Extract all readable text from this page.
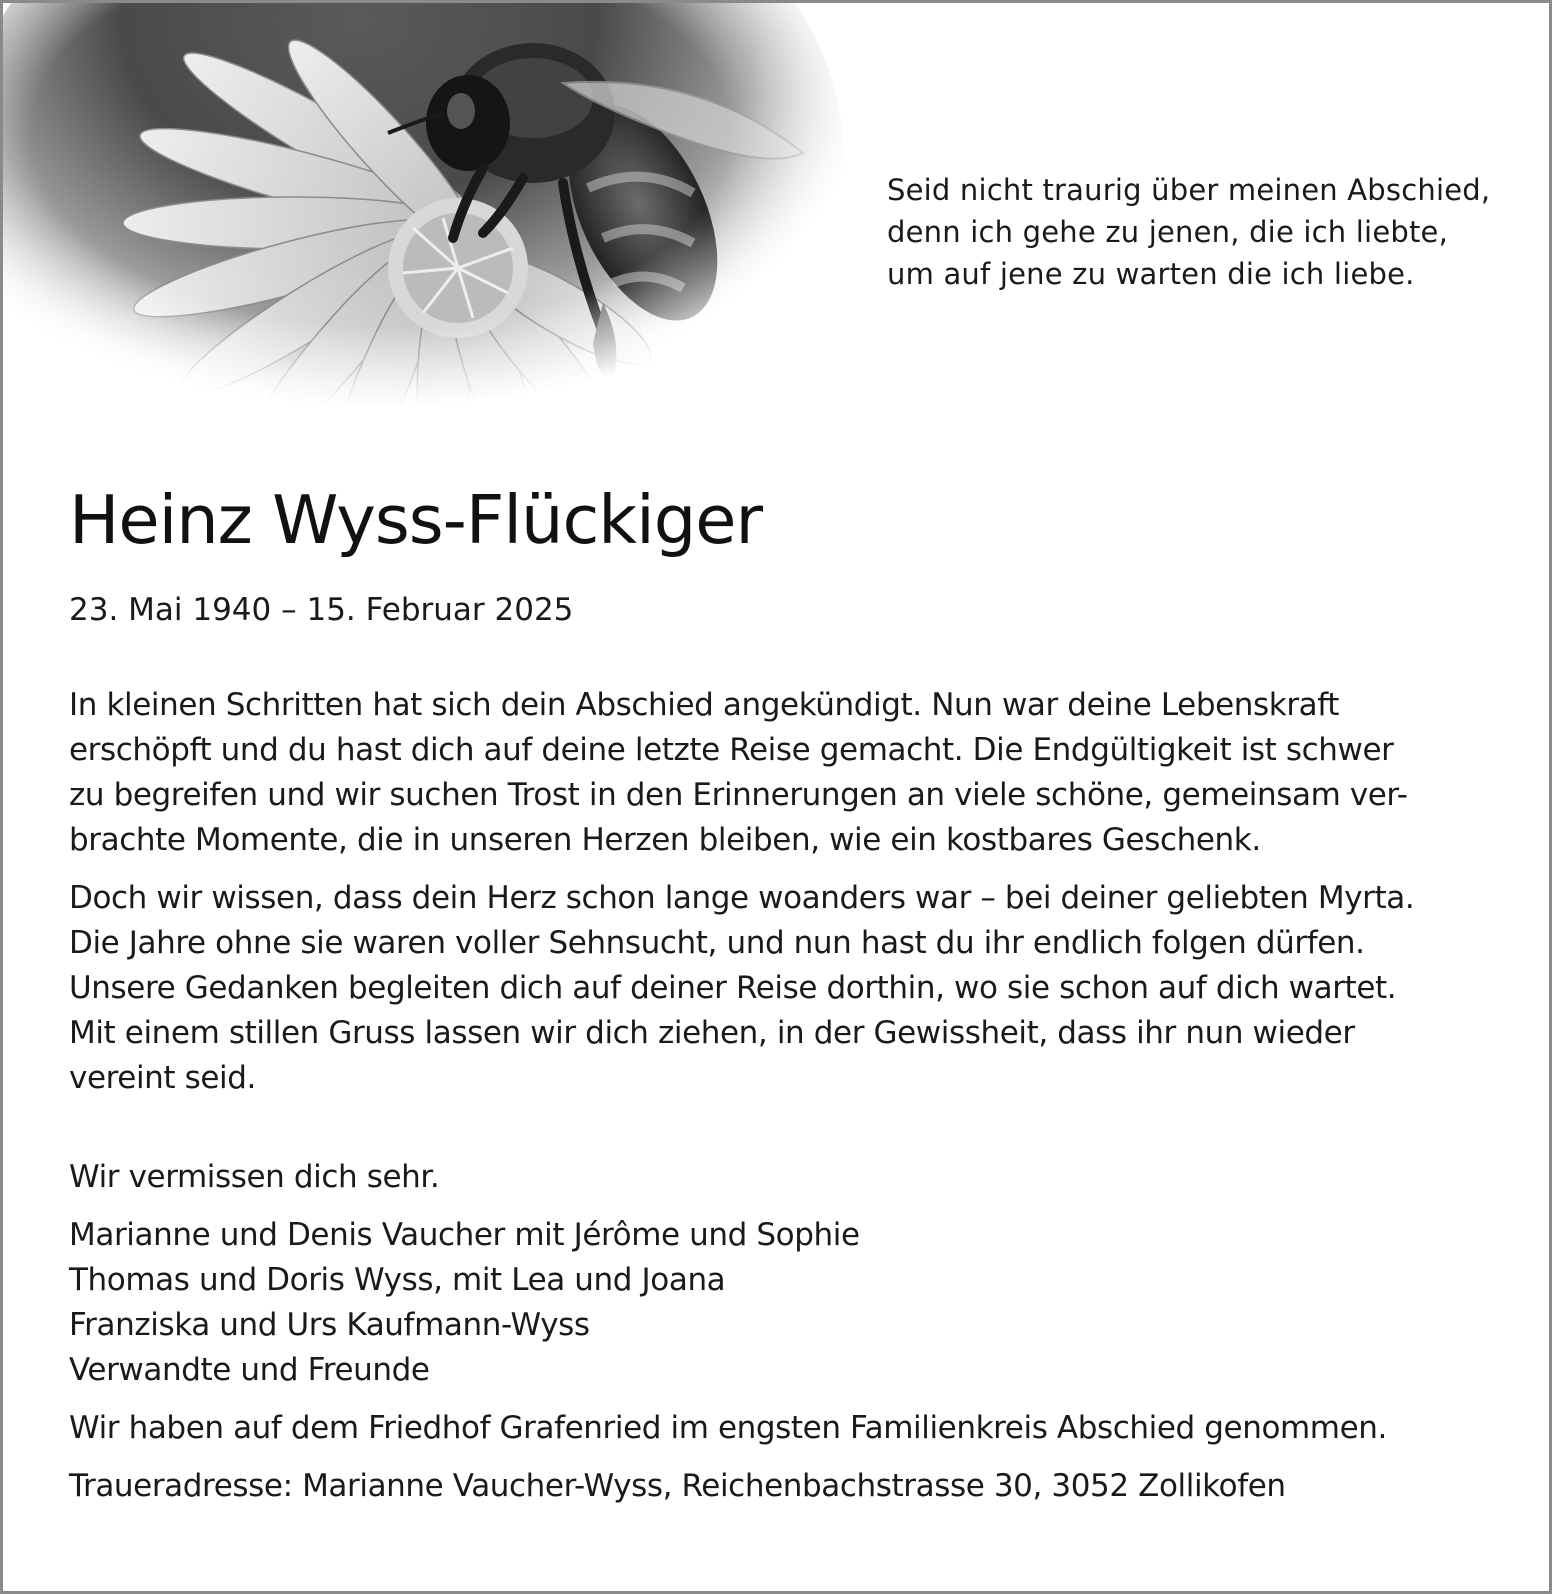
Seid nicht traurig über meinen Abschied,
denn ich gehe zu jenen, die ich liebte,
um auf jene zu warten die ich liebe.
Heinz Wyss-Flückiger
23. Mai 1940 – 15. Februar 2025
In kleinen Schritten hat sich dein Abschied angekündigt. Nun war deine Lebenskraft
erschöpft und du hast dich auf deine letzte Reise gemacht. Die Endgültigkeit ist schwer
zu begreifen und wir suchen Trost in den Erinnerungen an viele schöne, gemeinsam ver-
brachte Momente, die in unseren Herzen bleiben, wie ein kostbares Geschenk.
Doch wir wissen, dass dein Herz schon lange woanders war – bei deiner geliebten Myrta.
Die Jahre ohne sie waren voller Sehnsucht, und nun hast du ihr endlich folgen dürfen.
Unsere Gedanken begleiten dich auf deiner Reise dorthin, wo sie schon auf dich wartet.
Mit einem stillen Gruss lassen wir dich ziehen, in der Gewissheit, dass ihr nun wieder
vereint seid.
Wir vermissen dich sehr.
Marianne und Denis Vaucher mit Jérôme und Sophie
Thomas und Doris Wyss, mit Lea und Joana
Franziska und Urs Kaufmann-Wyss
Verwandte und Freunde
Wir haben auf dem Friedhof Grafenried im engsten Familienkreis Abschied genommen.
Traueradresse: Marianne Vaucher-Wyss, Reichenbachstrasse 30, 3052 Zollikofen
